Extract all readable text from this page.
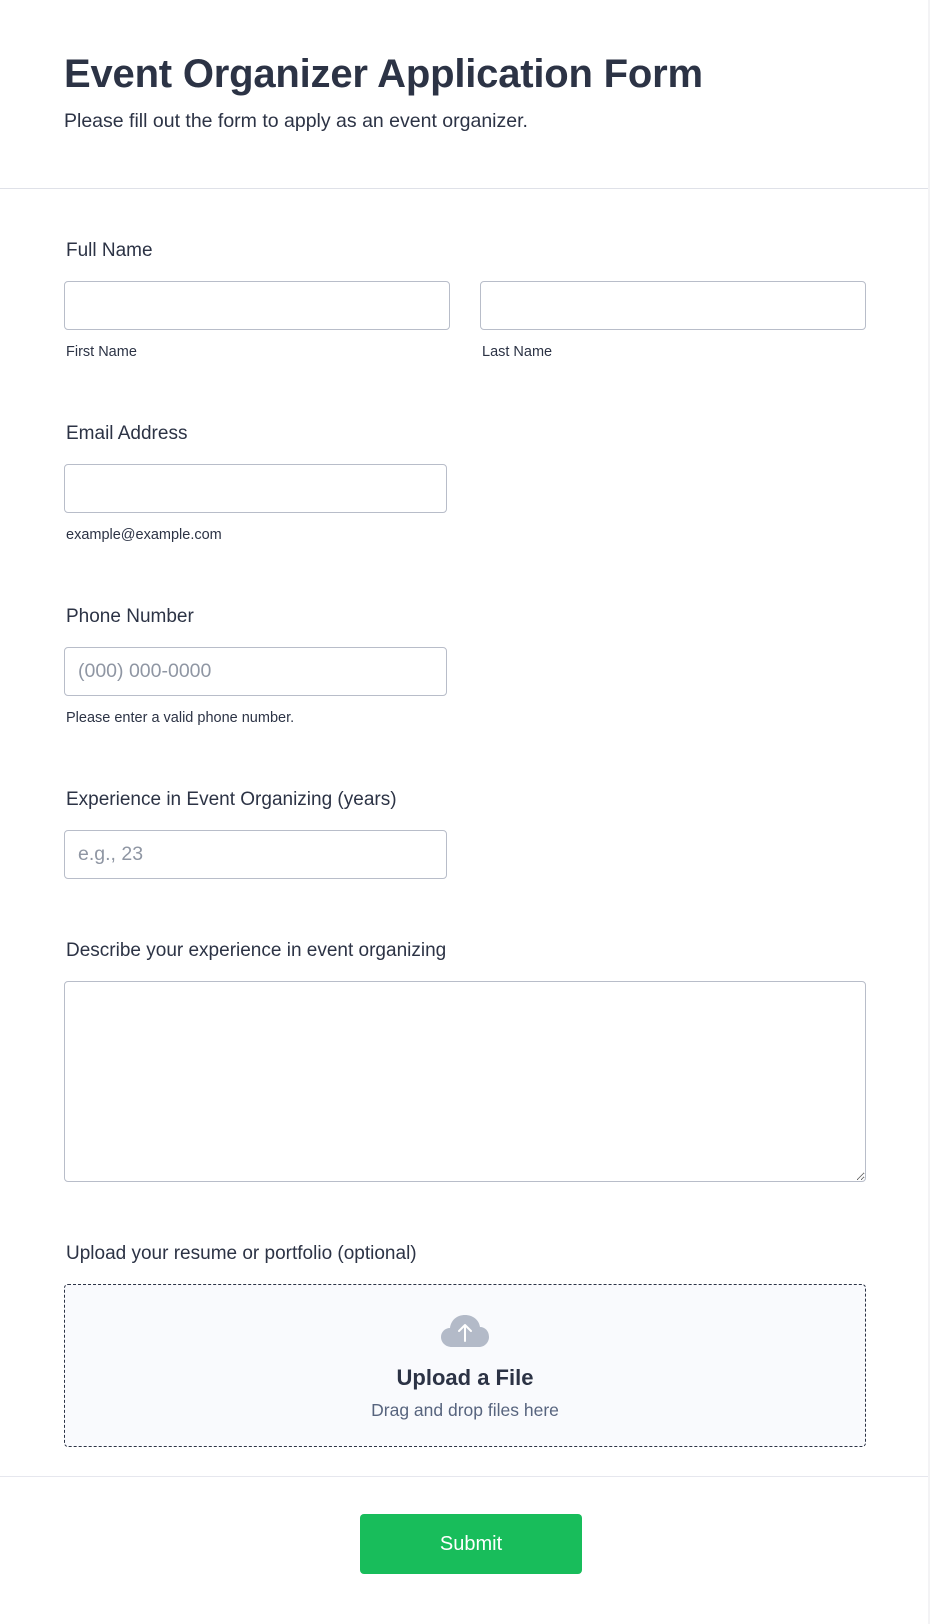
Event Organizer Application Form

Please fill out the form to apply as an event organizer.

Full Name
First Name	Last Name
Email Address
example@example.com
Phone Number
(000) 000-0000
Please enter a valid phone number.
Experience in Event Organizing (years)
e.g., 23
Describe your experience in event organizing
Upload your resume or portfolio (optional)
Upload a File
Drag and drop files here
Submit
